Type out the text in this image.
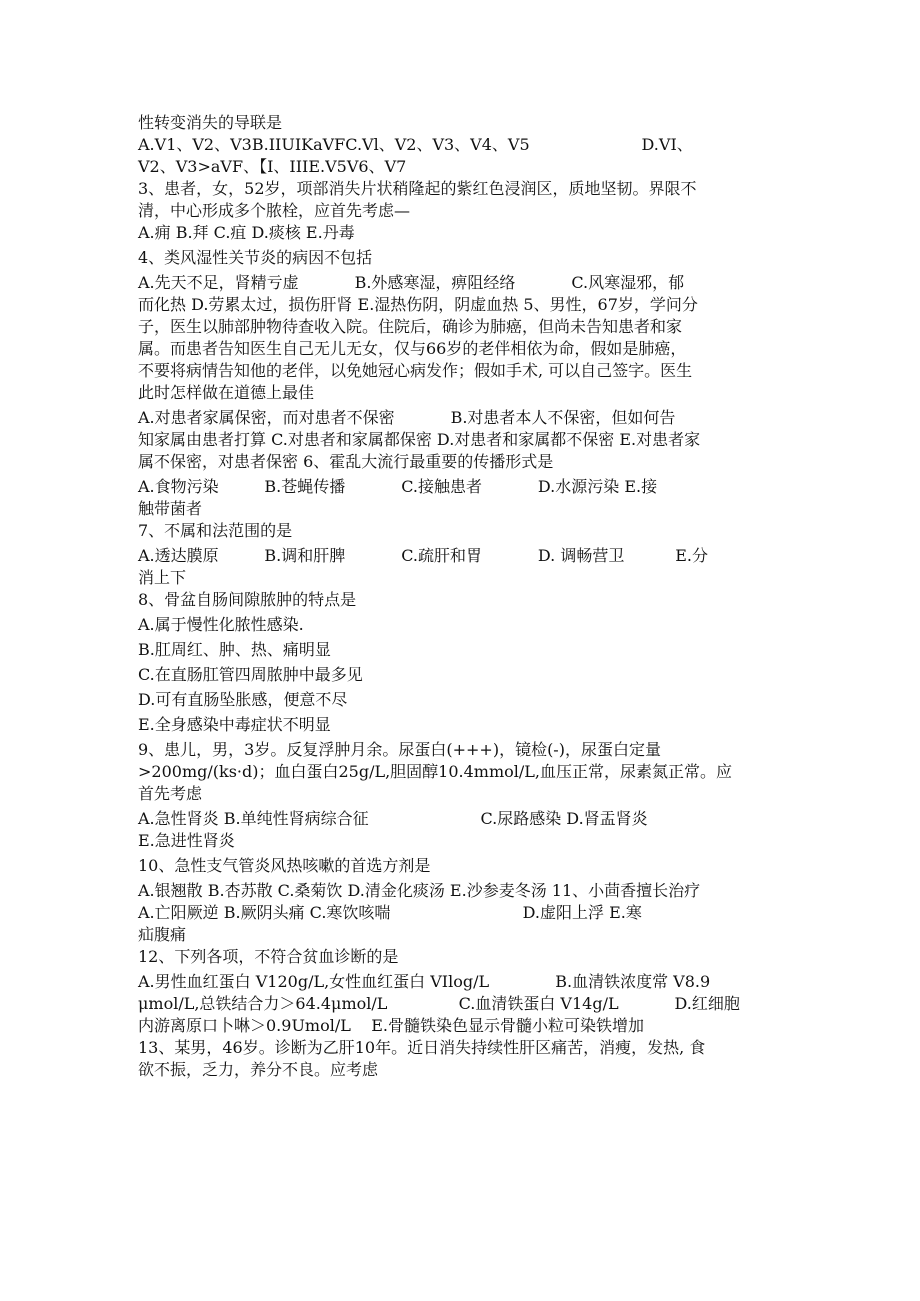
性转变消失的导联是
A.V1、V2、V3B.IIUIKaVFC.Vl、V2、V3、V4、V5                      D.VI、
V2、V3>aVF、【I、IIIE.V5V6、V7
3、患者，女，52岁，项部消失片状稍隆起的紫红色浸润区，质地坚韧。界限不
清，中心形成多个脓栓，应首先考虑—
A.痈 B.拜 C.疽 D.痰核 E.丹毒
4、类风湿性关节炎的病因不包括
A.先天不足，肾精亏虚           B.外感寒湿，痹阻经络           C.风寒湿邪，郁
而化热 D.劳累太过，损伤肝肾 E.湿热伤阴，阴虚血热 5、男性，67岁，学问分
子，医生以肺部肿物待查收入院。住院后，确诊为肺癌，但尚未告知患者和家
属。而患者告知医生自己无儿无女，仅与66岁的老伴相依为命，假如是肺癌，
不要将病情告知他的老伴，以免她冠心病发作；假如手术, 可以自己签字。医生
此时怎样做在道德上最佳
A.对患者家属保密，而对患者不保密           B.对患者本人不保密，但如何告
知家属由患者打算 C.对患者和家属都保密 D.对患者和家属都不保密 E.对患者家
属不保密，对患者保密 6、霍乱大流行最重要的传播形式是
A.食物污染         B.苍蝇传播           C.接触患者           D.水源污染 E.接
触带菌者
7、不属和法范围的是
A.透达膜原         B.调和肝脾           C.疏肝和胃           D. 调畅营卫          E.分
消上下
8、骨盆自肠间隙脓肿的特点是
A.属于慢性化脓性感染.
B.肛周红、肿、热、痛明显
C.在直肠肛管四周脓肿中最多见
D.可有直肠坠胀感，便意不尽
E.全身感染中毒症状不明显
9、患儿，男，3岁。反复浮肿月余。尿蛋白(+++)，镜检(-)，尿蛋白定量
>200mg/(ks·d)；血白蛋白25g/L,胆固醇10.4mmol/L,血压正常，尿素氮正常。应
首先考虑
A.急性肾炎 B.单纯性肾病综合征                      C.尿路感染 D.肾盂肾炎
E.急进性肾炎
10、急性支气管炎风热咳嗽的首选方剂是
A.银翘散 B.杏苏散 C.桑菊饮 D.清金化痰汤 E.沙参麦冬汤 11、小茴香擅长治疗
A.亡阳厥逆 B.厥阴头痛 C.寒饮咳喘                          D.虚阳上浮 E.寒
疝腹痛
12、下列各项，不符合贫血诊断的是
A.男性血红蛋白 V120g/L,女性血红蛋白 VIlog/L             B.血清铁浓度常 V8.9
μmol/L,总铁结合力＞64.4μmol/L              C.血清铁蛋白 V14g/L           D.红细胞
内游离原口卜啉＞0.9Umol/L    E.骨髓铁染色显示骨髓小粒可染铁增加
13、某男，46岁。诊断为乙肝10年。近日消失持续性肝区痛苦，消瘦，发热, 食
欲不振，乏力，养分不良。应考虑
